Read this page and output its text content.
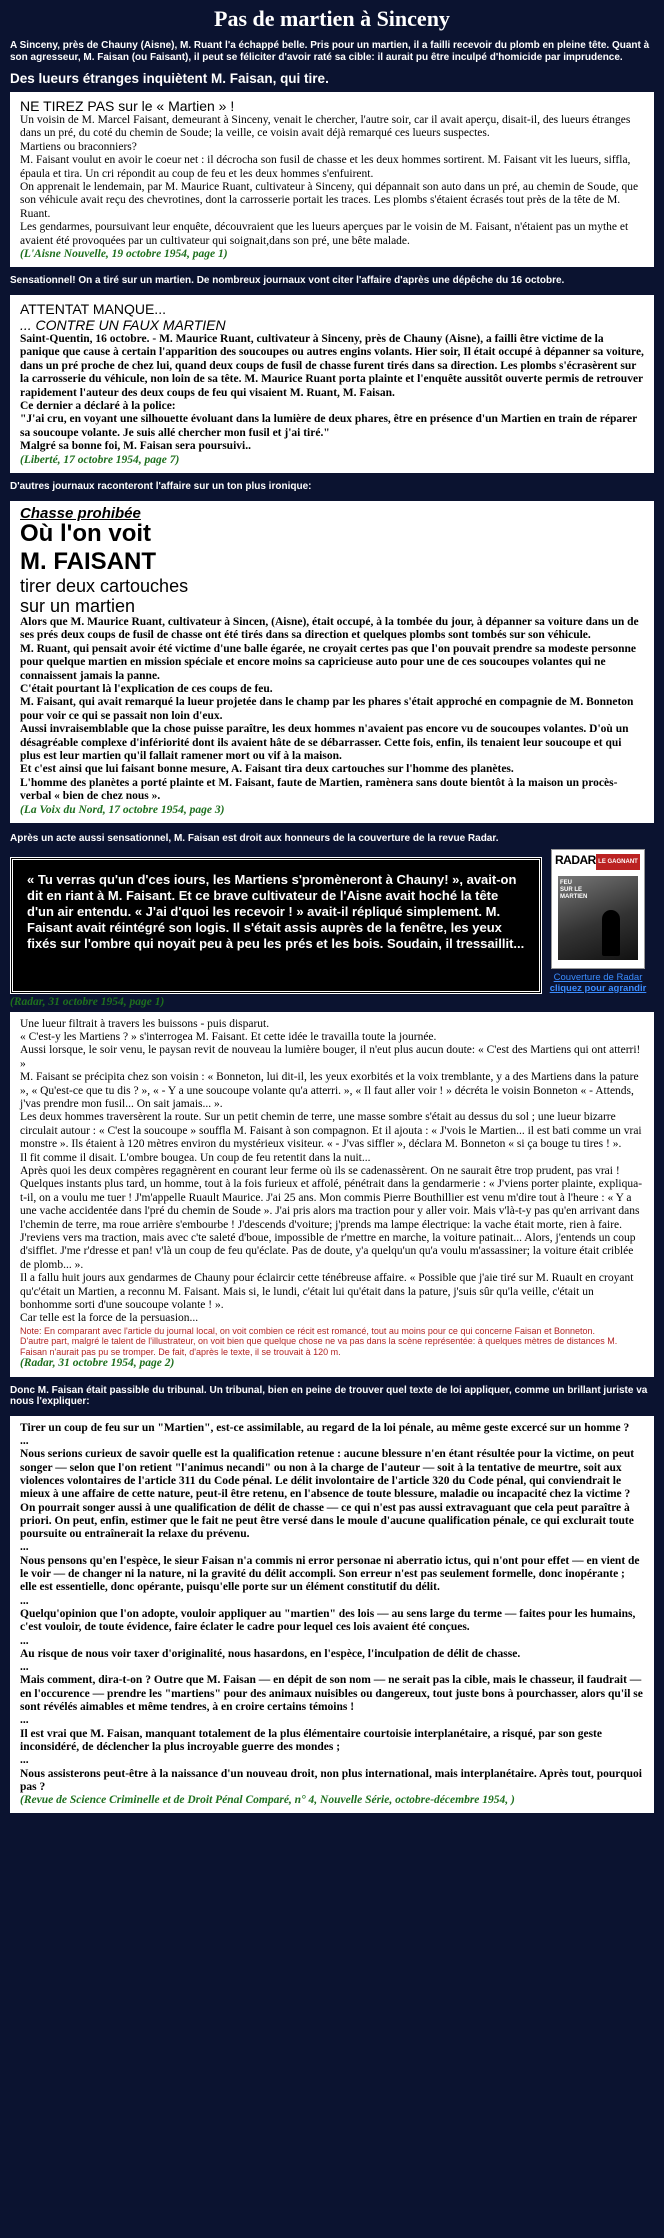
Pas de martien à Sinceny

A Sinceny, près de Chauny (Aisne), M. Ruant l'a échappé belle. Pris pour un martien, il a failli recevoir du plomb en pleine tête. Quant à son agresseur, M. Faisan (ou Faisant), il peut se féliciter d'avoir raté sa cible: il aurait pu être inculpé d'homicide par imprudence.

Des lueurs étranges inquiètent M. Faisan, qui tire.

NE TIREZ PAS sur le « Martien » !

Un voisin de M. Marcel Faisant, demeurant à Sinceny, venait le chercher, l'autre soir, car il avait aperçu, disait-il, des lueurs étranges dans un pré, du coté du chemin de Soude; la veille, ce voisin avait déjà remarqué ces lueurs suspectes.

Martiens ou braconniers?

M. Faisant voulut en avoir le coeur net : il décrocha son fusil de chasse et les deux hommes sortirent. M. Faisant vit les lueurs, siffla, épaula et tira. Un cri répondit au coup de feu et les deux hommes s'enfuirent.

On apprenait le lendemain, par M. Maurice Ruant, cultivateur à Sinceny, qui dépannait son auto dans un pré, au chemin de Soude, que son véhicule avait reçu des chevrotines, dont la carrosserie portait les traces. Les plombs s'étaient écrasés tout près de la tête de M. Ruant.

Les gendarmes, poursuivant leur enquête, découvraient que les lueurs aperçues par le voisin de M. Faisant, n'étaient pas un mythe et avaient été provoquées par un cultivateur qui soignait,dans son pré, une bête malade.

(L'Aisne Nouvelle, 19 octobre 1954, page 1)

Sensationnel! On a tiré sur un martien. De nombreux journaux vont citer l'affaire d'après une dépêche du 16 octobre.

ATTENTAT MANQUE...

... CONTRE UN FAUX MARTIEN

Saint-Quentin, 16 octobre. - M. Maurice Ruant, cultivateur à Sinceny, près de Chauny (Aisne), a failli être victime de la panique que cause à certain l'apparition des soucoupes ou autres engins volants. Hier soir, Il était occupé à dépanner sa voiture, dans un pré proche de chez lui, quand deux coups de fusil de chasse furent tirés dans sa direction. Les plombs s'écrasèrent sur la carrosserie du véhicule, non loin de sa tête. M. Maurice Ruant porta plainte et l'enquête aussitôt ouverte permis de retrouver rapidement l'auteur des deux coups de feu qui visaient M. Ruant, M. Faisan.

Ce dernier a déclaré à la police:

"J'ai cru, en voyant une silhouette évoluant dans la lumière de deux phares, être en présence d'un Martien en train de réparer sa soucoupe volante. Je suis allé chercher mon fusil et j'ai tiré."

Malgré sa bonne foi, M. Faisan sera poursuivi..

(Liberté, 17 octobre 1954, page 7)

D'autres journaux raconteront l'affaire sur un ton plus ironique:

Chasse prohibée

Où l'on voit

M. FAISANT

tirer deux cartouches

sur un martien

Alors que M. Maurice Ruant, cultivateur à Sincen, (Aisne), était occupé, à la tombée du jour, à dépanner sa voiture dans un de ses prés deux coups de fusil de chasse ont été tirés dans sa direction et quelques plombs sont tombés sur son véhicule.

M. Ruant, qui pensait avoir été victime d'une balle égarée, ne croyait certes pas que l'on pouvait prendre sa modeste personne pour quelque martien en mission spéciale et encore moins sa capricieuse auto pour une de ces soucoupes volantes qui ne connaissent jamais la panne.

C'était pourtant là l'explication de ces coups de feu.

M. Faisant, qui avait remarqué la lueur projetée dans le champ par les phares s'était approché en compagnie de M. Bonneton pour voir ce qui se passait non loin d'eux.

Aussi invraisemblable que la chose puisse paraître, les deux hommes n'avaient pas encore vu de soucoupes volantes. D'où un désagréable complexe d'infériorité dont ils avaient hâte de se débarrasser. Cette fois, enfin, ils tenaient leur soucoupe et qui plus est leur martien qu'il fallait ramener mort ou vif à la maison.

Et c'est ainsi que lui faisant bonne mesure, A. Faisant tira deux cartouches sur l'homme des planètes.

L'homme des planètes a porté plainte et M. Faisant, faute de Martien, ramènera sans doute bientôt à la maison un procès-verbal « bien de chez nous ».

(La Voix du Nord, 17 octobre 1954, page 3)

Après un acte aussi sensationnel, M. Faisan est droit aux honneurs de la couverture de la revue Radar.

« Tu verras qu'un d'ces iours, les Martiens s'promèneront à Chauny! », avait-on dit en riant à M. Faisant. Et ce brave cultivateur de l'Aisne avait hoché la tête d'un air entendu. « J'ai d'quoi les recevoir ! » avait-il répliqué simplement. M. Faisant avait réintégré son logis. Il s'était assis auprès de la fenêtre, les yeux fixés sur l'ombre qui noyait peu à peu les prés et les bois. Soudain, il tressaillit...

RADAR LE GAGNANT
FEU SUR LE MARTIEN
Couverture de Radar
cliquez pour agrandir

(Radar, 31 octobre 1954, page 1)

Une lueur filtrait à travers les buissons - puis disparut.

« C'est-y les Martiens ? » s'interrogea M. Faisant. Et cette idée le travailla toute la journée.

Aussi lorsque, le soir venu, le paysan revit de nouveau la lumière bouger, il n'eut plus aucun doute: « C'est des Martiens qui ont atterri! »

M. Faisant se précipita chez son voisin : « Bonneton, lui dit-il, les yeux exorbités et la voix tremblante, y a des Martiens dans la pature », « Qu'est-ce que tu dis ? », « - Y a une soucoupe volante qu'a atterri. », « Il faut aller voir ! » décréta le voisin Bonneton « - Attends, j'vas prendre mon fusil... On sait jamais... ».

Les deux hommes traversèrent la route. Sur un petit chemin de terre, une masse sombre s'était au dessus du sol ; une lueur bizarre circulait autour : « C'est la soucoupe » souffla M. Faisant à son compagnon. Et il ajouta : « J'vois le Martien... il est bati comme un vrai monstre ». Ils étaient à 120 mètres environ du mystérieux visiteur. « - J'vas siffler », déclara M. Bonneton « si ça bouge tu tires ! ».

Il fit comme il disait. L'ombre bougea. Un coup de feu retentit dans la nuit...

Après quoi les deux compères regagnèrent en courant leur ferme où ils se cadenassèrent. On ne saurait être trop prudent, pas vrai !

Quelques instants plus tard, un homme, tout à la fois furieux et affolé, pénétrait dans la gendarmerie : « J'viens porter plainte, expliqua-t-il, on a voulu me tuer ! J'm'appelle Ruault Maurice. J'ai 25 ans. Mon commis Pierre Bouthillier est venu m'dire tout à l'heure : « Y a une vache accidentée dans l'pré du chemin de Soude ». J'ai pris alors ma traction pour y aller voir. Mais v'là-t-y pas qu'en arrivant dans l'chemin de terre, ma roue arrière s'embourbe ! J'descends d'voiture; j'prends ma lampe électrique: la vache était morte, rien à faire. J'reviens vers ma traction, mais avec c'te saleté d'boue, impossible de r'mettre en marche, la voiture patinait... Alors, j'entends un coup d'sifflet. J'me r'dresse et pan! v'là un coup de feu qu'éclate. Pas de doute, y'a quelqu'un qu'a voulu m'assassiner; la voiture était criblée de plomb... ».

Il a fallu huit jours aux gendarmes de Chauny pour éclaircir cette ténébreuse affaire. « Possible que j'aie tiré sur M. Ruault en croyant qu'c'était un Martien, a reconnu M. Faisant. Mais si, le lundi, c'était lui qu'était dans la pature, j'suis sûr qu'la veille, c'était un bonhomme sorti d'une soucoupe volante ! ».

Car telle est la force de la persuasion...

Note: En comparant avec l'article du journal local, on voit combien ce récit est romancé, tout au moins pour ce qui concerne Faisan et Bonneton.

D'autre part, malgré le talent de l'illustrateur, on voit bien que quelque chose ne va pas dans la scène représentée: à quelques mètres de distances M. Faisan n'aurait pas pu se tromper. De fait, d'après le texte, il se trouvait à 120 m.

(Radar, 31 octobre 1954, page 2)

Donc M. Faisan était passible du tribunal. Un tribunal, bien en peine de trouver quel texte de loi appliquer, comme un brillant juriste va nous l'expliquer:

Tirer un coup de feu sur un "Martien", est-ce assimilable, au regard de la loi pénale, au même geste excercé sur un homme ?

...

Nous serions curieux de savoir quelle est la qualification retenue : aucune blessure n'en étant résultée pour la victime, on peut songer — selon que l'on retient "l'animus necandi" ou non à la charge de l'auteur — soit à la tentative de meurtre, soit aux violences volontaires de l'article 311 du Code pénal. Le délit involontaire de l'article 320 du Code pénal, qui conviendrait le mieux à une affaire de cette nature, peut-il être retenu, en l'absence de toute blessure, maladie ou incapacité chez la victime ? On pourrait songer aussi à une qualification de délit de chasse — ce qui n'est pas aussi extravaguant que cela peut paraître à priori. On peut, enfin, estimer que le fait ne peut être versé dans le moule d'aucune qualification pénale, ce qui exclurait toute poursuite ou entraînerait la relaxe du prévenu.

...

Nous pensons qu'en l'espèce, le sieur Faisan n'a commis ni error personae ni aberratio ictus, qui n'ont pour effet — en vient de le voir — de changer ni la nature, ni la gravité du délit accompli. Son erreur n'est pas seulement formelle, donc inopérante ; elle est essentielle, donc opérante, puisqu'elle porte sur un élément constitutif du délit.

...

Quelqu'opinion que l'on adopte, vouloir appliquer au "martien" des lois — au sens large du terme — faites pour les humains, c'est vouloir, de toute évidence, faire éclater le cadre pour lequel ces lois avaient été conçues.

...

Au risque de nous voir taxer d'originalité, nous hasardons, en l'espèce, l'inculpation de délit de chasse.

...

Mais comment, dira-t-on ? Outre que M. Faisan — en dépit de son nom — ne serait pas la cible, mais le chasseur, il faudrait — en l'occurence — prendre les "martiens" pour des animaux nuisibles ou dangereux, tout juste bons à pourchasser, alors qu'il se sont révélés aimables et même tendres, à en croire certains témoins !

...

Il est vrai que M. Faisan, manquant totalement de la plus élémentaire courtoisie interplanétaire, a risqué, par son geste inconsidéré, de déclencher la plus incroyable guerre des mondes ;

...

Nous assisterons peut-être à la naissance d'un nouveau droit, non plus international, mais interplanétaire. Après tout, pourquoi pas ?

(Revue de Science Criminelle et de Droit Pénal Comparé, n° 4, Nouvelle Série, octobre-décembre 1954, )
